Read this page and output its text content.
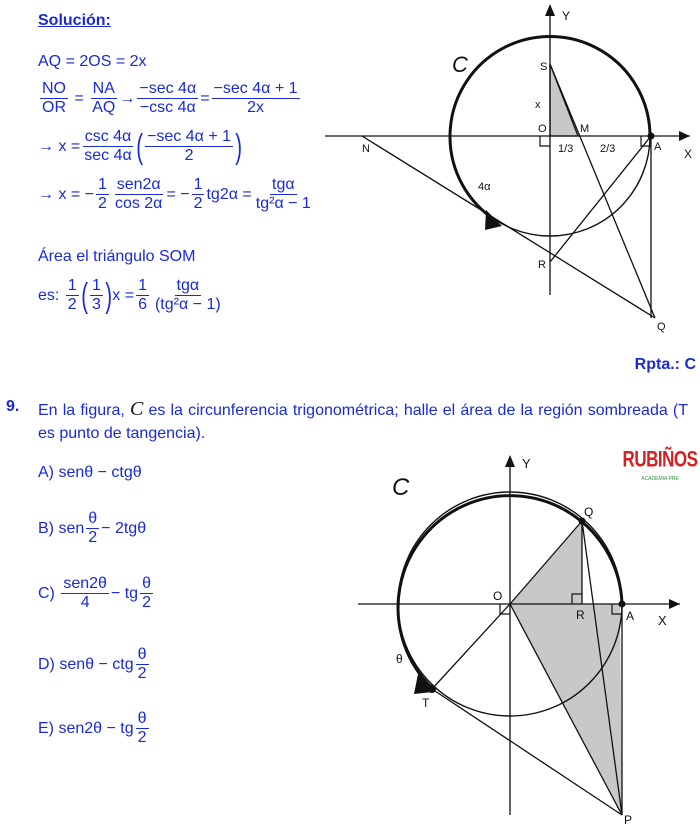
Solución:
AQ = 2OS = 2x
$\frac{NO}{OR} = \frac{NA}{AQ} \to \frac{-\sec 4\alpha}{-\csc 4\alpha} = \frac{-\sec 4\alpha + 1}{2x}$
→ $x = \frac{\csc 4\alpha}{\sec 4\alpha}$ ( $\frac{-\sec 4\alpha + 1}{2}$ )
→ x = − $\frac{1}{2} \frac{\text{sen2α}}{\cos 2\alpha}$ = − $\frac{1}{2} tg2\alpha = \frac{\text{tgα}}{\text{tg²α − 1}}$
Área el triángulo SOM
es:
$\frac{1}{2}$ ( $\frac{1}{3}$ ) $x = \frac{1}{6} \frac{\text{tgα}}{\text{(tg²α − 1)}}$
Rpta.: C
Y
X
S
O	M
A
N
R
Q
x
1/3 2/3
4α
C
9. En la figura, C es la circunferencia trigonométrica; halle el área de la región sombreada (T es punto de tangencia).
A)
senθ − ctgθ
B)
sen $\frac{\theta}{2} - 2tg\theta$
C)
$\frac{\text{sen2θ}}{4}$ − tg $\frac{\theta}{2}$
D)
senθ − ctg $\frac{\theta}{2}$
E)
sen2θ − tg $\frac{\theta}{2}$
RUBIÑOS
ACADEMIA PRE
Y
X
Q
O
R	A
T
P
θ
C
